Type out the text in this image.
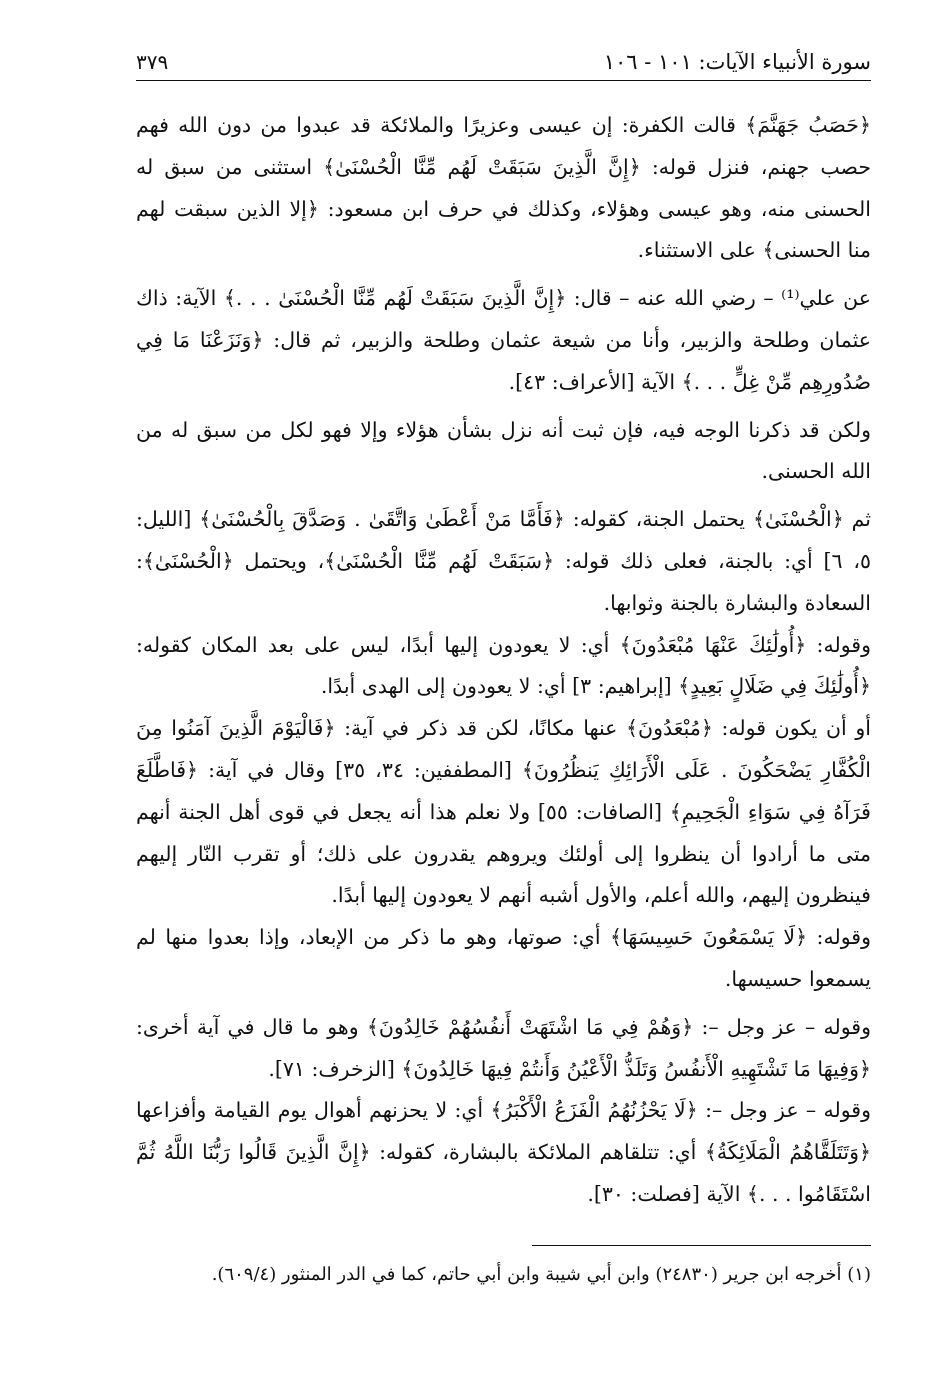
سورة الأنبياء الآيات: ١٠١ - ١٠٦
٣٧٩

﴿حَصَبُ جَهَنَّمَ﴾ قالت الكفرة: إن عيسى وعزيرًا والملائكة قد عبدوا من دون الله فهم حصب جهنم، فنزل قوله: ﴿إِنَّ الَّذِينَ سَبَقَتْ لَهُم مِّنَّا الْحُسْنَىٰ﴾ استثنى من سبق له الحسنى منه، وهو عيسى وهؤلاء، وكذلك في حرف ابن مسعود: ﴿إلا الذين سبقت لهم منا الحسنى﴾ على الاستثناء.

عن علي⁽¹⁾ – رضي الله عنه – قال: ﴿إِنَّ الَّذِينَ سَبَقَتْ لَهُم مِّنَّا الْحُسْنَىٰ . . .﴾ الآية: ذاك عثمان وطلحة والزبير، وأنا من شيعة عثمان وطلحة والزبير، ثم قال: ﴿وَنَزَعْنَا مَا فِي صُدُورِهِم مِّنْ غِلٍّ . . .﴾ الآية [الأعراف: ٤٣].

ولكن قد ذكرنا الوجه فيه، فإن ثبت أنه نزل بشأن هؤلاء وإلا فهو لكل من سبق له من الله الحسنى.

ثم ﴿الْحُسْنَىٰ﴾ يحتمل الجنة، كقوله: ﴿فَأَمَّا مَنْ أَعْطَىٰ وَاتَّقَىٰ . وَصَدَّقَ بِالْحُسْنَىٰ﴾ [الليل: ٥، ٦] أي: بالجنة، فعلى ذلك قوله: ﴿سَبَقَتْ لَهُم مِّنَّا الْحُسْنَىٰ﴾، ويحتمل ﴿الْحُسْنَىٰ﴾: السعادة والبشارة بالجنة وثوابها.

وقوله: ﴿أُولَٰئِكَ عَنْهَا مُبْعَدُونَ﴾ أي: لا يعودون إليها أبدًا، ليس على بعد المكان كقوله: ﴿أُولَٰئِكَ فِي ضَلَالٍ بَعِيدٍ﴾ [إبراهيم: ٣] أي: لا يعودون إلى الهدى أبدًا.

أو أن يكون قوله: ﴿مُبْعَدُونَ﴾ عنها مكانًا، لكن قد ذكر في آية: ﴿فَالْيَوْمَ الَّذِينَ آمَنُوا مِنَ الْكُفَّارِ يَضْحَكُونَ . عَلَى الْأَرَائِكِ يَنظُرُونَ﴾ [المطففين: ٣٤، ٣٥] وقال في آية: ﴿فَاطَّلَعَ فَرَآهُ فِي سَوَاءِ الْجَحِيمِ﴾ [الصافات: ٥٥] ولا نعلم هذا أنه يجعل في قوى أهل الجنة أنهم متى ما أرادوا أن ينظروا إلى أولئك ويروهم يقدرون على ذلك؛ أو تقرب النّار إليهم فينظرون إليهم، والله أعلم، والأول أشبه أنهم لا يعودون إليها أبدًا.

وقوله: ﴿لَا يَسْمَعُونَ حَسِيسَهَا﴾ أي: صوتها، وهو ما ذكر من الإبعاد، وإذا بعدوا منها لم يسمعوا حسيسها.

وقوله – عز وجل –: ﴿وَهُمْ فِي مَا اشْتَهَتْ أَنفُسُهُمْ خَالِدُونَ﴾ وهو ما قال في آية أخرى: ﴿وَفِيهَا مَا تَشْتَهِيهِ الْأَنفُسُ وَتَلَذُّ الْأَعْيُنُ وَأَنتُمْ فِيهَا خَالِدُونَ﴾ [الزخرف: ٧١].

وقوله – عز وجل –: ﴿لَا يَحْزُنُهُمُ الْفَزَعُ الْأَكْبَرُ﴾ أي: لا يحزنهم أهوال يوم القيامة وأفزاعها ﴿وَتَتَلَقَّاهُمُ الْمَلَائِكَةُ﴾ أي: تتلقاهم الملائكة بالبشارة، كقوله: ﴿إِنَّ الَّذِينَ قَالُوا رَبُّنَا اللَّهُ ثُمَّ اسْتَقَامُوا . . .﴾ الآية [فصلت: ٣٠].

(١) أخرجه ابن جرير (٢٤٨٣٠) وابن أبي شيبة وابن أبي حاتم، كما في الدر المنثور (٦٠٩/٤).
